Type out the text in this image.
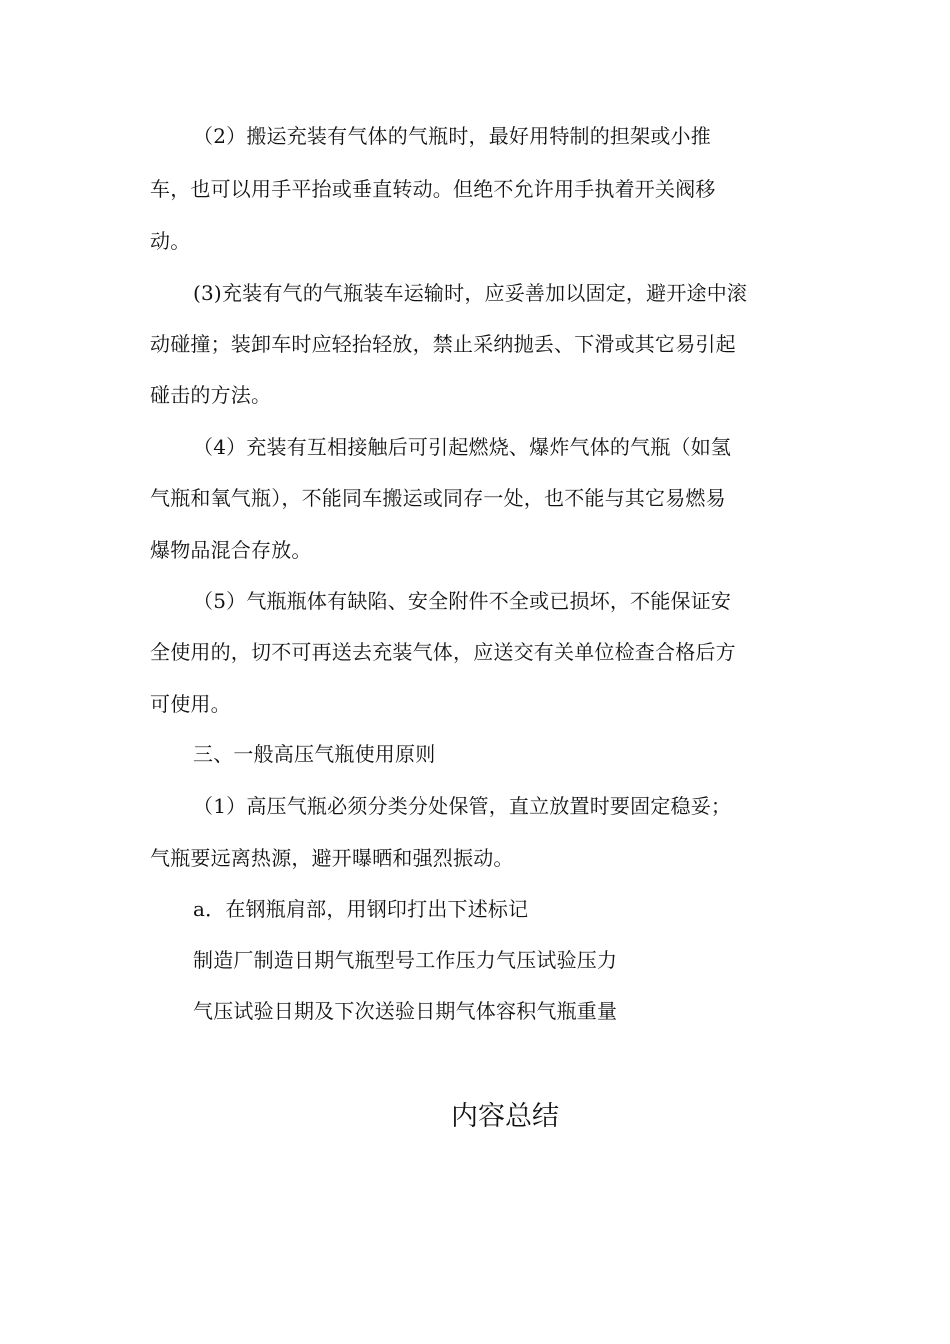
（2）搬运充装有气体的气瓶时，最好用特制的担架或小推
车，也可以用手平抬或垂直转动。但绝不允许用手执着开关阀移
动。
(3)充装有气的气瓶装车运输时，应妥善加以固定，避开途中滚
动碰撞；装卸车时应轻抬轻放，禁止采纳抛丢、下滑或其它易引起
碰击的方法。
（4）充装有互相接触后可引起燃烧、爆炸气体的气瓶（如氢
气瓶和氧气瓶），不能同车搬运或同存一处，也不能与其它易燃易
爆物品混合存放。
（5）气瓶瓶体有缺陷、安全附件不全或已损坏，不能保证安
全使用的，切不可再送去充装气体，应送交有关单位检查合格后方
可使用。
三、一般高压气瓶使用原则
（1）高压气瓶必须分类分处保管，直立放置时要固定稳妥；
气瓶要远离热源，避开曝晒和强烈振动。
a．在钢瓶肩部，用钢印打出下述标记
制造厂制造日期气瓶型号工作压力气压试验压力
气压试验日期及下次送验日期气体容积气瓶重量
内容总结
